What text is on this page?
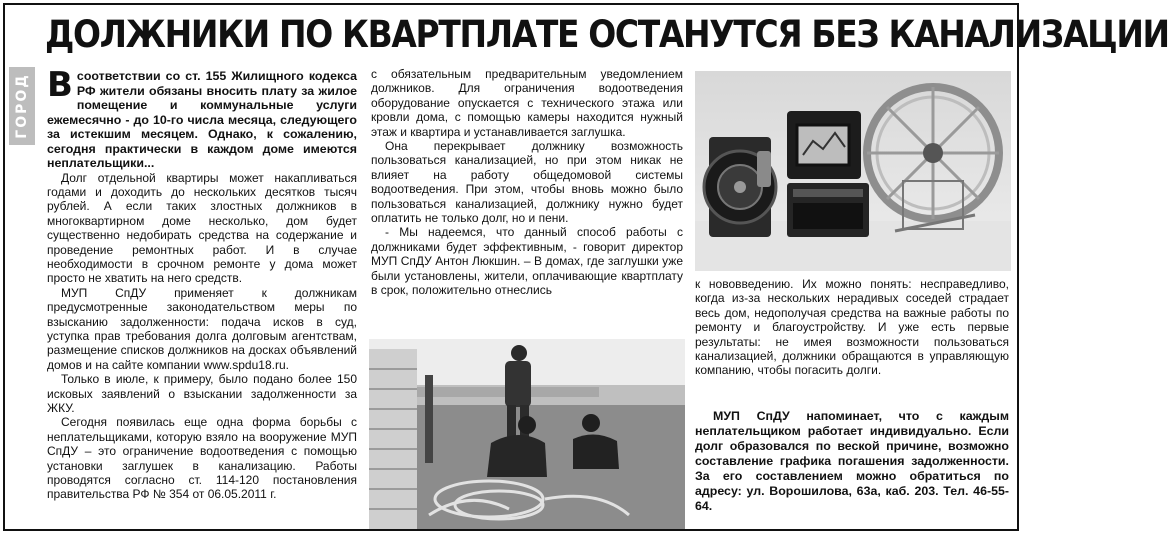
ДОЛЖНИКИ ПО КВАРТПЛАТЕ ОСТАНУТСЯ БЕЗ КАНАЛИЗАЦИИ
ГОРОД Всоответствии со ст. 155 Жилищного кодекса РФ жители обязаны вносить плату за жилое помещение и коммунальные услуги ежемесячно - до 10-го числа месяца, следующего за истекшим месяцем. Однако, к сожалению, сегодня практически в каждом доме имеются неплательщики...

Долг отдельной квартиры может накапливаться годами и доходить до нескольких десятков тысяч рублей. А если таких злостных должников в многоквартирном доме несколько, дом будет существенно недобирать средства на содержание и проведение ремонтных работ. И в случае необходимости в срочном ремонте у дома может просто не хватить на него средств.

МУП СпДУ применяет к должникам предусмотренные законодательством меры по взысканию задолженности: подача исков в суд, уступка прав требования долга долговым агентствам, размещение списков должников на досках объявлений домов и на сайте компании www.spdu18.ru.

Только в июле, к примеру, было подано более 150 исковых заявлений о взыскании задолженности за ЖКУ.

Сегодня появилась еще одна форма борьбы с неплательщиками, которую взяло на вооружение МУП СпДУ – это ограничение водоотведения с помощью установки заглушек в канализацию. Работы проводятся согласно ст. 114-120 постановления правительства РФ № 354 от 06.05.2011 г.

с обязательным предварительным уведомлением должников. Для ограничения водоотведения оборудование опускается с технического этажа или кровли дома, с помощью камеры находится нужный этаж и квартира и устанавливается заглушка.

Она перекрывает должнику возможность пользоваться канализацией, но при этом никак не влияет на работу общедомовой системы водоотведения. При этом, чтобы вновь можно было пользоваться канализацией, должнику нужно будет оплатить не только долг, но и пени.

- Мы надеемся, что данный способ работы с должниками будет эффективным, - говорит директор МУП СпДУ Антон Люкшин. – В домах, где заглушки уже были установлены, жители, оплачивающие квартплату в срок, положительно отнеслись	к нововведению. Их можно понять: несправедливо, когда из-за нескольких нерадивых соседей страдает весь дом, недополучая средства на важные работы по ремонту и благоустройству. И уже есть первые результаты: не имея возможности пользоваться канализацией, должники обращаются в управляющую компанию, чтобы погасить долги.

МУП СпДУ напоминает, что с каждым неплательщиком работает индивидуально. Если долг образовался по веской причине, возможно составление графика погашения задолженности. За его составлением можно обратиться по адресу: ул. Ворошилова, 63а, каб. 203. Тел. 46-55-64.
